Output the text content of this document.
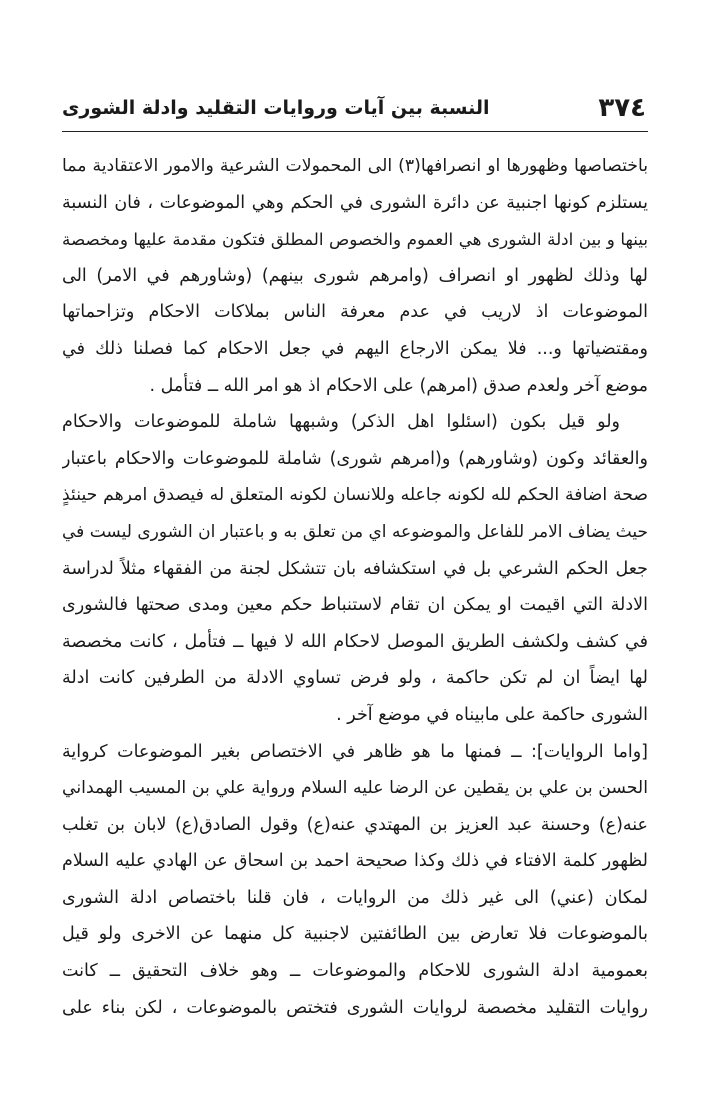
٣٧٤
النسبة بين آيات وروايات التقليد وادلة الشورى
باختصاصها وظهورها او انصرافها(٣) الى المحمولات الشرعية والامور الاعتقادية مما
يستلزم كونها اجنبية عن دائرة الشورى في الحكم وهي الموضوعات ، فان النسبة
بينها و بين ادلة الشورى هي العموم والخصوص المطلق فتكون مقدمة عليها ومخصصة
لها وذلك لظهور او انصراف (وامرهم شورى بينهم) (وشاورهم في الامر) الى
الموضوعات اذ لاريب في عدم معرفة الناس بملاكات الاحكام وتزاحماتها
ومقتضياتها و... فلا يمكن الارجاع اليهم في جعل الاحكام كما فصلنا ذلك في
موضع آخر ولعدم صدق (امرهم) على الاحكام اذ هو امر الله ــ فتأمل .
ولو قيل بكون (اسئلوا اهل الذكر) وشبهها شاملة للموضوعات والاحكام
والعقائد وكون (وشاورهم) و(امرهم شورى) شاملة للموضوعات والاحكام باعتبار
صحة اضافة الحكم لله لكونه جاعله وللانسان لكونه المتعلق له فيصدق امرهم حينئذٍ
حيث يضاف الامر للفاعل والموضوعه اي من تعلق به و باعتبار ان الشورى ليست في
جعل الحكم الشرعي بل في استكشافه بان تتشكل لجنة من الفقهاء مثلاً لدراسة
الادلة التي اقيمت او يمكن ان تقام لاستنباط حكم معين ومدى صحتها فالشورى
في كشف ولكشف الطريق الموصل لاحكام الله لا فيها ــ فتأمل ، كانت مخصصة
لها ايضاً ان لم تكن حاكمة ، ولو فرض تساوي الادلة من الطرفين كانت ادلة
الشورى حاكمة على مابيناه في موضع آخر .
[واما الروايات]: ــ فمنها ما هو ظاهر في الاختصاص بغير الموضوعات كرواية
الحسن بن علي بن يقطين عن الرضا عليه السلام ورواية علي بن المسيب الهمداني
عنه(ع) وحسنة عبد العزيز بن المهتدي عنه(ع) وقول الصادق(ع) لابان بن تغلب
لظهور كلمة الافتاء في ذلك وكذا صحيحة احمد بن اسحاق عن الهادي عليه السلام
لمكان (عني) الى غير ذلك من الروايات ، فان قلنا باختصاص ادلة الشورى
بالموضوعات فلا تعارض بين الطائفتين لاجنبية كل منهما عن الاخرى ولو قيل
بعمومية ادلة الشورى للاحكام والموضوعات ــ وهو خلاف التحقيق ــ كانت
روايات التقليد مخصصة لروايات الشورى فتختص بالموضوعات ، لكن بناء على
